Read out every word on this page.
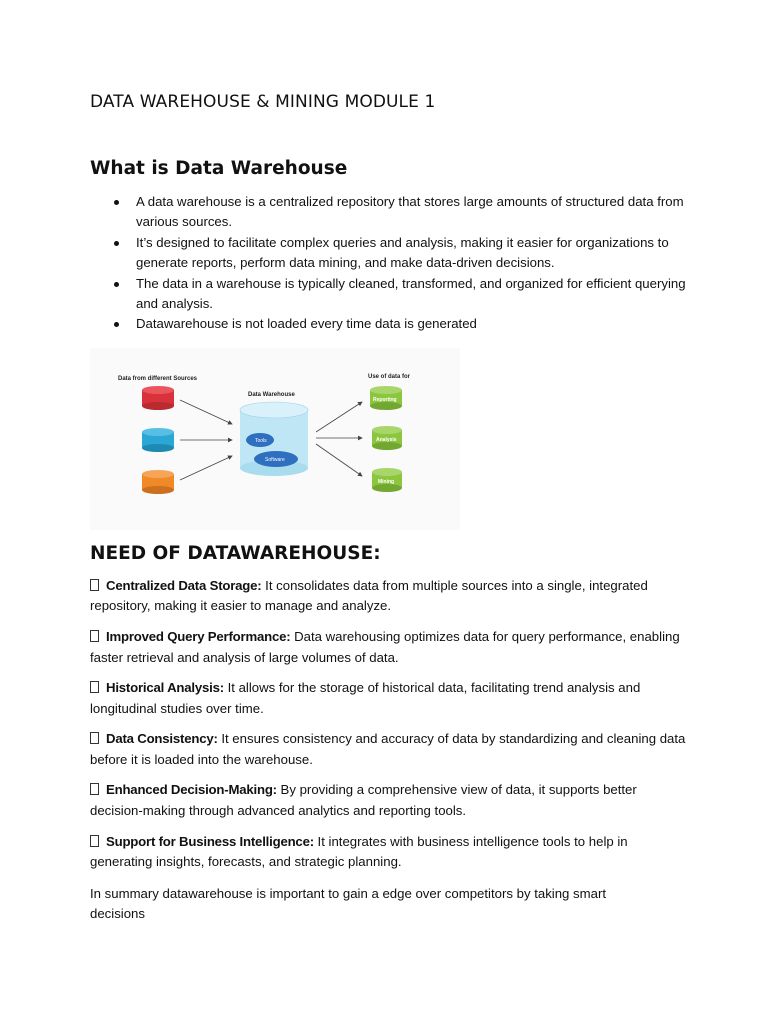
DATA WAREHOUSE & MINING MODULE 1
What is Data Warehouse
A data warehouse is a centralized repository that stores large amounts of structured data from various sources.
It’s designed to facilitate complex queries and analysis, making it easier for organizations to generate reports, perform data mining, and make data-driven decisions.
The data in a warehouse is typically cleaned, transformed, and organized for efficient querying and analysis.
Datawarehouse is not loaded every time data is generated
Data from different Sources
Data Warehouse
Use of data for
Tools
Software
Reporting
Analysis
Mining
NEED OF DATAWAREHOUSE:
Centralized Data Storage: It consolidates data from multiple sources into a single, integrated repository, making it easier to manage and analyze.
Improved Query Performance: Data warehousing optimizes data for query performance, enabling faster retrieval and analysis of large volumes of data.
Historical Analysis: It allows for the storage of historical data, facilitating trend analysis and longitudinal studies over time.
Data Consistency: It ensures consistency and accuracy of data by standardizing and cleaning data before it is loaded into the warehouse.
Enhanced Decision-Making: By providing a comprehensive view of data, it supports better decision-making through advanced analytics and reporting tools.
Support for Business Intelligence: It integrates with business intelligence tools to help in generating insights, forecasts, and strategic planning.
In summary datawarehouse is important to gain a edge over competitors by taking smart decisions
